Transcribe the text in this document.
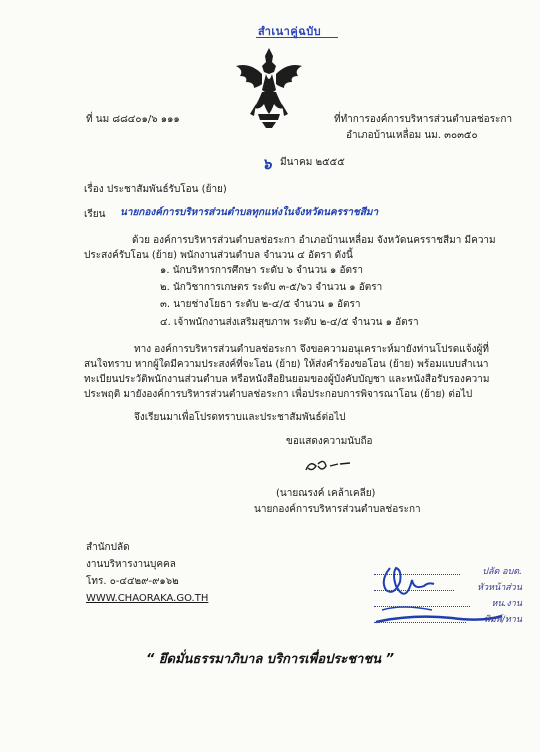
สำเนาคู่ฉบับ
ที่ นม ๘๘๔๐๑/๖ ๑๑๑	ที่ทำการองค์การบริหารส่วนตำบลช่อระกา
อำเภอบ้านเหลื่อม นม. ๓๐๓๕๐
๖ มีนาคม ๒๕๕๕
เรื่อง ประชาสัมพันธ์รับโอน (ย้าย)
เรียน นายกองค์การบริหารส่วนตำบลทุกแห่งในจังหวัดนครราชสีมา
ด้วย องค์การบริหารส่วนตำบลช่อระกา อำเภอบ้านเหลื่อม จังหวัดนครราชสีมา มีความประสงค์รับโอน (ย้าย) พนักงานส่วนตำบล จำนวน ๔ อัตรา ดังนี้
๑. นักบริหารการศึกษา ระดับ ๖ จำนวน ๑ อัตรา
๒. นักวิชาการเกษตร ระดับ ๓-๕/๖ว จำนวน ๑ อัตรา
๓. นายช่างโยธา ระดับ ๒-๔/๕ จำนวน ๑ อัตรา
๔. เจ้าพนักงานส่งเสริมสุขภาพ ระดับ ๒-๔/๕ จำนวน ๑ อัตรา
ทาง องค์การบริหารส่วนตำบลช่อระกา จึงขอความอนุเคราะห์มายังท่านโปรดแจ้งผู้ที่สนใจทราบ หากผู้ใดมีความประสงค์ที่จะโอน (ย้าย) ให้ส่งคำร้องขอโอน (ย้าย) พร้อมแบบสำเนาทะเบียนประวัติพนักงานส่วนตำบล หรือหนังสือยินยอมของผู้บังคับบัญชา และหนังสือรับรองความประพฤติ มายังองค์การบริหารส่วนตำบลช่อระกา เพื่อประกอบการพิจารณาโอน (ย้าย) ต่อไป
จึงเรียนมาเพื่อโปรดทราบและประชาสัมพันธ์ต่อไป
ขอแสดงความนับถือ
(นายณรงค์ เคล้าเคลีย)
นายกองค์การบริหารส่วนตำบลช่อระกา
สำนักปลัด
งานบริหารงานบุคคล
โทร. ๐-๔๔๒๙-๙๑๖๒
WWW.CHAORAKA.GO.TH
ปลัด อบต.
หัวหน้าส่วน
หน.งาน
พิมพ์/ทาน
“ ยึดมั่นธรรมาภิบาล บริการเพื่อประชาชน ”
